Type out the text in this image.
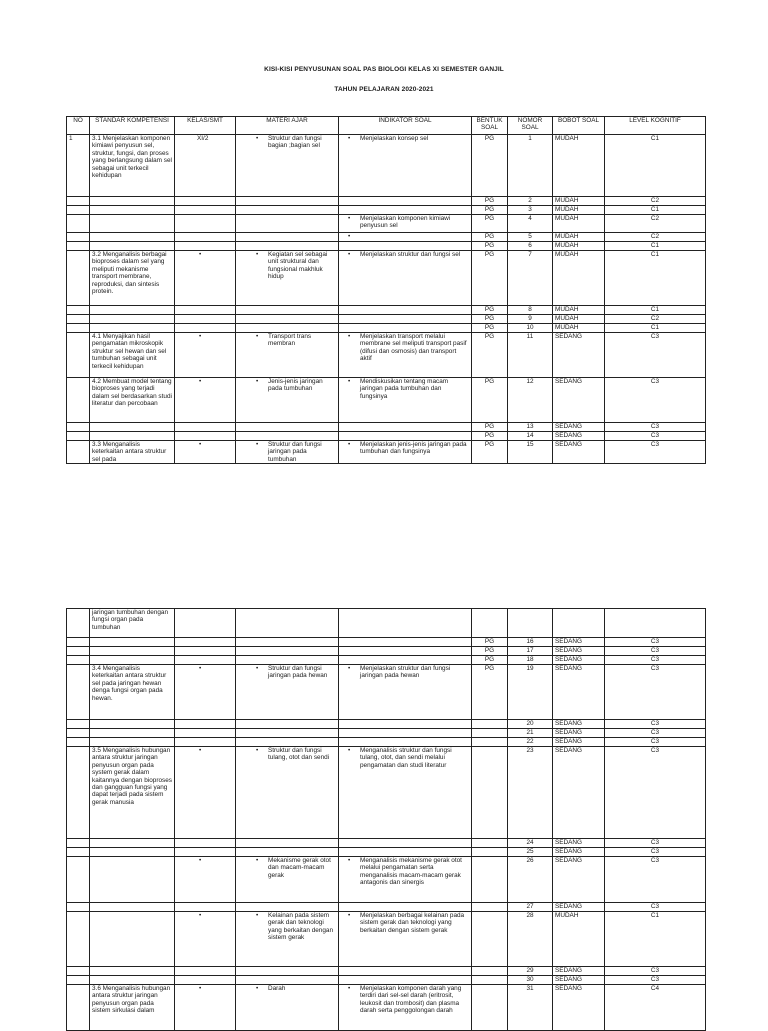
KISI-KISI PENYUSUNAN SOAL PAS BIOLOGI KELAS XI SEMESTER GANJIL
TAHUN PELAJARAN 2020-2021
NO	STANDAR KOMPETENSI	KELAS/SMT	MATERI AJAR	INDIKATOR SOAL	BENTUK SOAL	NOMOR SOAL	BOBOT SOAL	LEVEL KOGNITIF
1	3.1 Menjelaskan komponen kimiawi penyusun sel, struktur, fungsi, dan proses yang berlangsung dalam sel sebagai unit terkecil kehidupan	XI/2	• Struktur dan fungsi bagian ;bagian sel	• Menjelaskan konsep sel	PG	1	MUDAH	C1
					PG	2	MUDAH	C2
					PG	3	MUDAH	C1

				• Menjelaskan komponen kimiawi penyusun sel	PG	4	MUDAH	C2
				•	PG	5	MUDAH	C2
					PG	6	MUDAH	C1
	3.2 Menganalisis berbagai bioproses dalam sel yang meliputi mekanisme transport membrane, reproduksi, dan sintesis protein.	•	• Kegiatan sel sebagai unit struktural dan fungsional makhluk hidup	• Menjelaskan struktur dan fungsi sel	PG	7	MUDAH	C1
					PG	8	MUDAH	C1
					PG	9	MUDAH	C2
					PG	10	MUDAH	C1
	4.1 Menyajikan hasil pengamatan mikroskopik struktur sel hewan dan sel tumbuhan sebagai unit terkecil kehidupan	•	• Transport trans membran	• Menjelaskan transport melalui membrane sel meliputi transport pasif (difusi dan osmosis) dan transport aktif	PG	11	SEDANG	C3
	4.2 Membuat model tentang bioproses yang terjadi dalam sel berdasarkan studi literatur dan percobaan	•	• Jenis-jenis jaringan pada tumbuhan	• Mendiskusikan tentang macam jaringan pada tumbuhan dan fungsinya	PG	12	SEDANG	C3
					PG	13	SEDANG	C3
					PG	14	SEDANG	C3
	3.3 Menganalisis keterkaitan antara struktur sel pada	•	• Struktur dan fungsi jaringan pada tumbuhan	• Menjelaskan jenis-jenis jaringan pada tumbuhan dan fungsinya	PG	15	SEDANG	C3
	jaringan tumbuhan dengan fungsi organ pada tumbuhan							
					PG	16	SEDANG	C3
					PG	17	SEDANG	C3
					PG	18	SEDANG	C3
	3.4 Menganalisis keterkaitan antara struktur sel pada jaringan hewan denga fungsi organ pada hewan.	•	• Struktur dan fungsi jaringan pada hewan	• Menjelaskan struktur dan fungsi jaringan pada hewan	PG	19	SEDANG	C3
						20	SEDANG	C3
						21	SEDANG	C3
						22	SEDANG	C3
	3.5 Menganalisis hubungan antara struktur jaringan penyusun organ pada system gerak dalam kaitannya dengan bioproses dan gangguan fungsi yang dapat terjadi pada sistem gerak manusia	•	• Struktur dan fungsi tulang, otot dan sendi	• Menganalisis struktur dan fungsi tulang, otot, dan sendi melalui pengamatan dan studi literatur		23	SEDANG	C3
						24	SEDANG	C3
						25	SEDANG	C3
		•	• Mekanisme gerak otot dan macam-macam gerak	• Menganalisis mekanisme gerak otot melalui pengamatan serta menganalisis macam-macam gerak antagonis dan sinergis		26	SEDANG	C3
						27	SEDANG	C3
		•	• Kelainan pada sistem gerak dan teknologi yang berkaitan dengan sistem gerak	• Menjelaskan berbagai kelainan pada sistem gerak dan teknologi yang berkaitan dengan sistem gerak		28	MUDAH	C1
						29	SEDANG	C3
						30	SEDANG	C3
	3.6 Menganalisis hubungan antara struktur jaringan penyusun organ pada sistem sirkulasi dalam	•	• Darah	• Menjelaskan komponen darah yang terdiri dari sel-sel darah (eritrosit, leukosit dan trombosit) dan plasma darah serta penggolongan darah		31	SEDANG	C4
